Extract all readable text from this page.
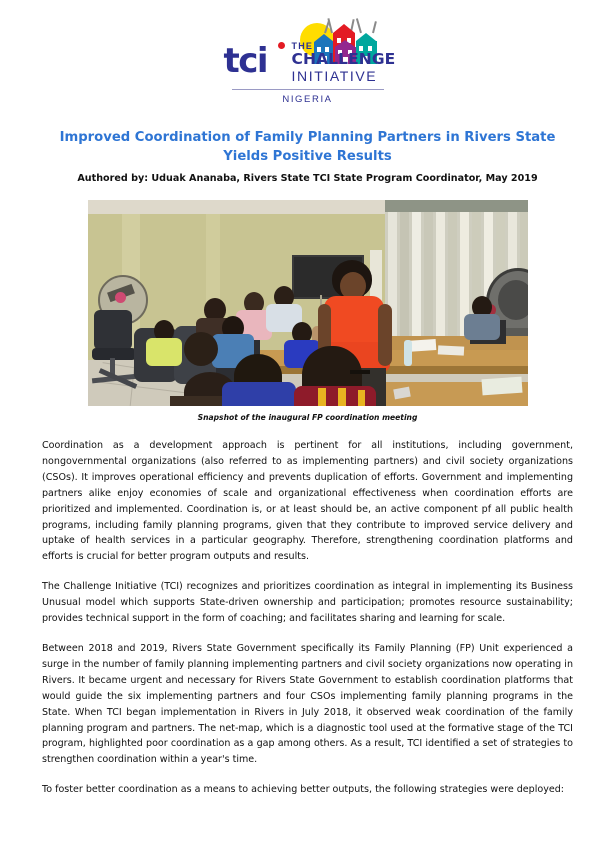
tci	THE
CHALLENGE
INITIATIVE
NIGERIA
Improved Coordination of Family Planning Partners in Rivers State Yields Positive Results
Authored by: Uduak Ananaba, Rivers State TCI State Program Coordinator, May 2019
Snapshot of the inaugural FP coordination meeting

Coordination as a development approach is pertinent for all institutions, including government, nongovernmental organizations (also referred to as implementing partners) and civil society organizations (CSOs). It improves operational efficiency and prevents duplication of efforts. Government and implementing partners alike enjoy economies of scale and organizational effectiveness when coordination efforts are prioritized and implemented. Coordination is, or at least should be, an active component pf all public health programs, including family planning programs, given that they contribute to improved service delivery and uptake of health services in a particular geography. Therefore, strengthening coordination platforms and efforts is crucial for better program outputs and results.

The Challenge Initiative (TCI) recognizes and prioritizes coordination as integral in implementing its Business Unusual model which supports State-driven ownership and participation; promotes resource sustainability; provides technical support in the form of coaching; and facilitates sharing and learning for scale.

Between 2018 and 2019, Rivers State Government specifically its Family Planning (FP) Unit experienced a surge in the number of family planning implementing partners and civil society organizations now operating in Rivers. It became urgent and necessary for Rivers State Government to establish coordination platforms that would guide the six implementing partners and four CSOs implementing family planning programs in the State. When TCI began implementation in Rivers in July 2018, it observed weak coordination of the family planning program and partners. The net-map, which is a diagnostic tool used at the formative stage of the TCI program, highlighted poor coordination as a gap among others. As a result, TCI identified a set of strategies to strengthen coordination within a year's time.

To foster better coordination as a means to achieving better outputs, the following strategies were deployed:
